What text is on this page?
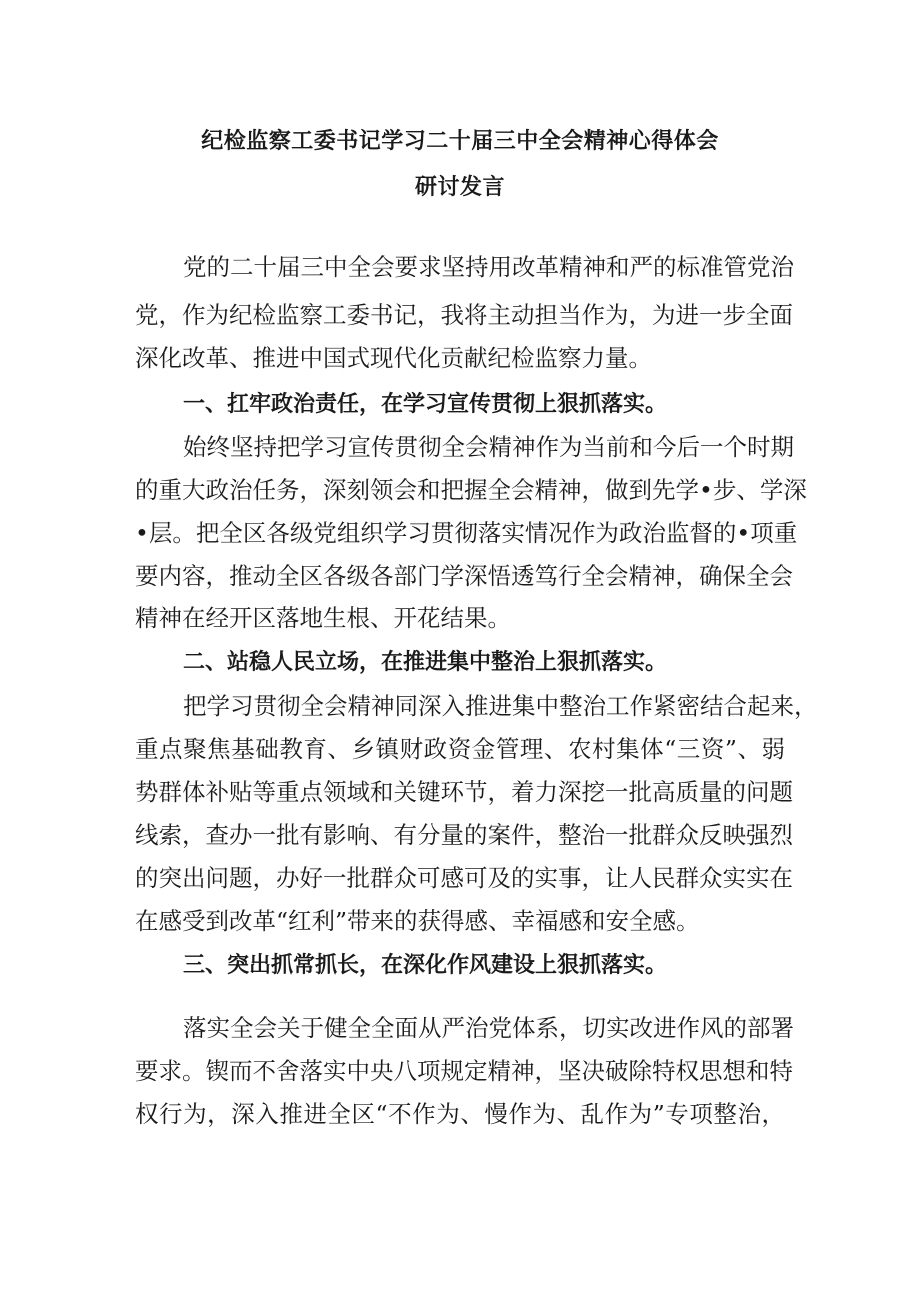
纪检监察工委书记学习二十届三中全会精神心得体会
研讨发言
党的二十届三中全会要求坚持用改革精神和严的标准管党治
党，作为纪检监察工委书记，我将主动担当作为，为进一步全面
深化改革、推进中国式现代化贡献纪检监察力量。
一、扛牢政治责任，在学习宣传贯彻上狠抓落实。
始终坚持把学习宣传贯彻全会精神作为当前和今后一个时期
的重大政治任务，深刻领会和把握全会精神，做到先学•步、学深
•层。把全区各级党组织学习贯彻落实情况作为政治监督的•项重
要内容，推动全区各级各部门学深悟透笃行全会精神，确保全会
精神在经开区落地生根、开花结果。
二、站稳人民立场，在推进集中整治上狠抓落实。
把学习贯彻全会精神同深入推进集中整治工作紧密结合起来，
重点聚焦基础教育、乡镇财政资金管理、农村集体“三资”、弱
势群体补贴等重点领域和关键环节，着力深挖一批高质量的问题
线索，查办一批有影响、有分量的案件，整治一批群众反映强烈
的突出问题，办好一批群众可感可及的实事，让人民群众实实在
在感受到改革“红利”带来的获得感、幸福感和安全感。
三、突出抓常抓长，在深化作风建设上狠抓落实。
落实全会关于健全全面从严治党体系，切实改进作风的部署
要求。锲而不舍落实中央八项规定精神，坚决破除特权思想和特
权行为，深入推进全区“不作为、慢作为、乱作为”专项整治，
